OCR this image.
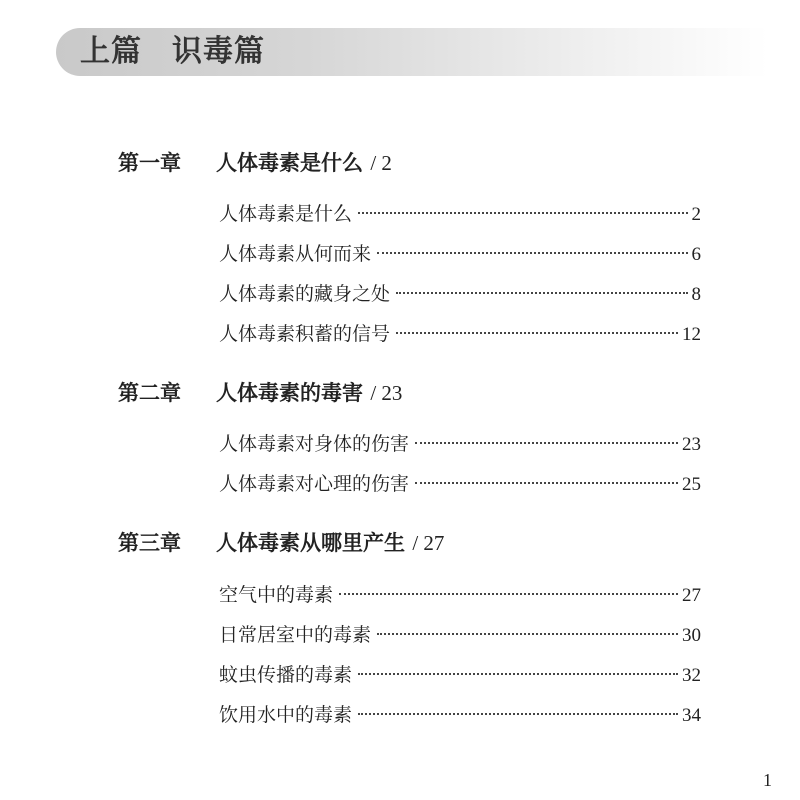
上篇 识毒篇
第一章 人体毒素是什么 / 2
人体毒素是什么	2
人体毒素从何而来	6
人体毒素的藏身之处	8
人体毒素积蓄的信号	12
第二章 人体毒素的毒害 / 23
人体毒素对身体的伤害	23
人体毒素对心理的伤害	25
第三章 人体毒素从哪里产生 / 27
空气中的毒素	27
日常居室中的毒素	30
蚊虫传播的毒素	32
饮用水中的毒素	34
1
